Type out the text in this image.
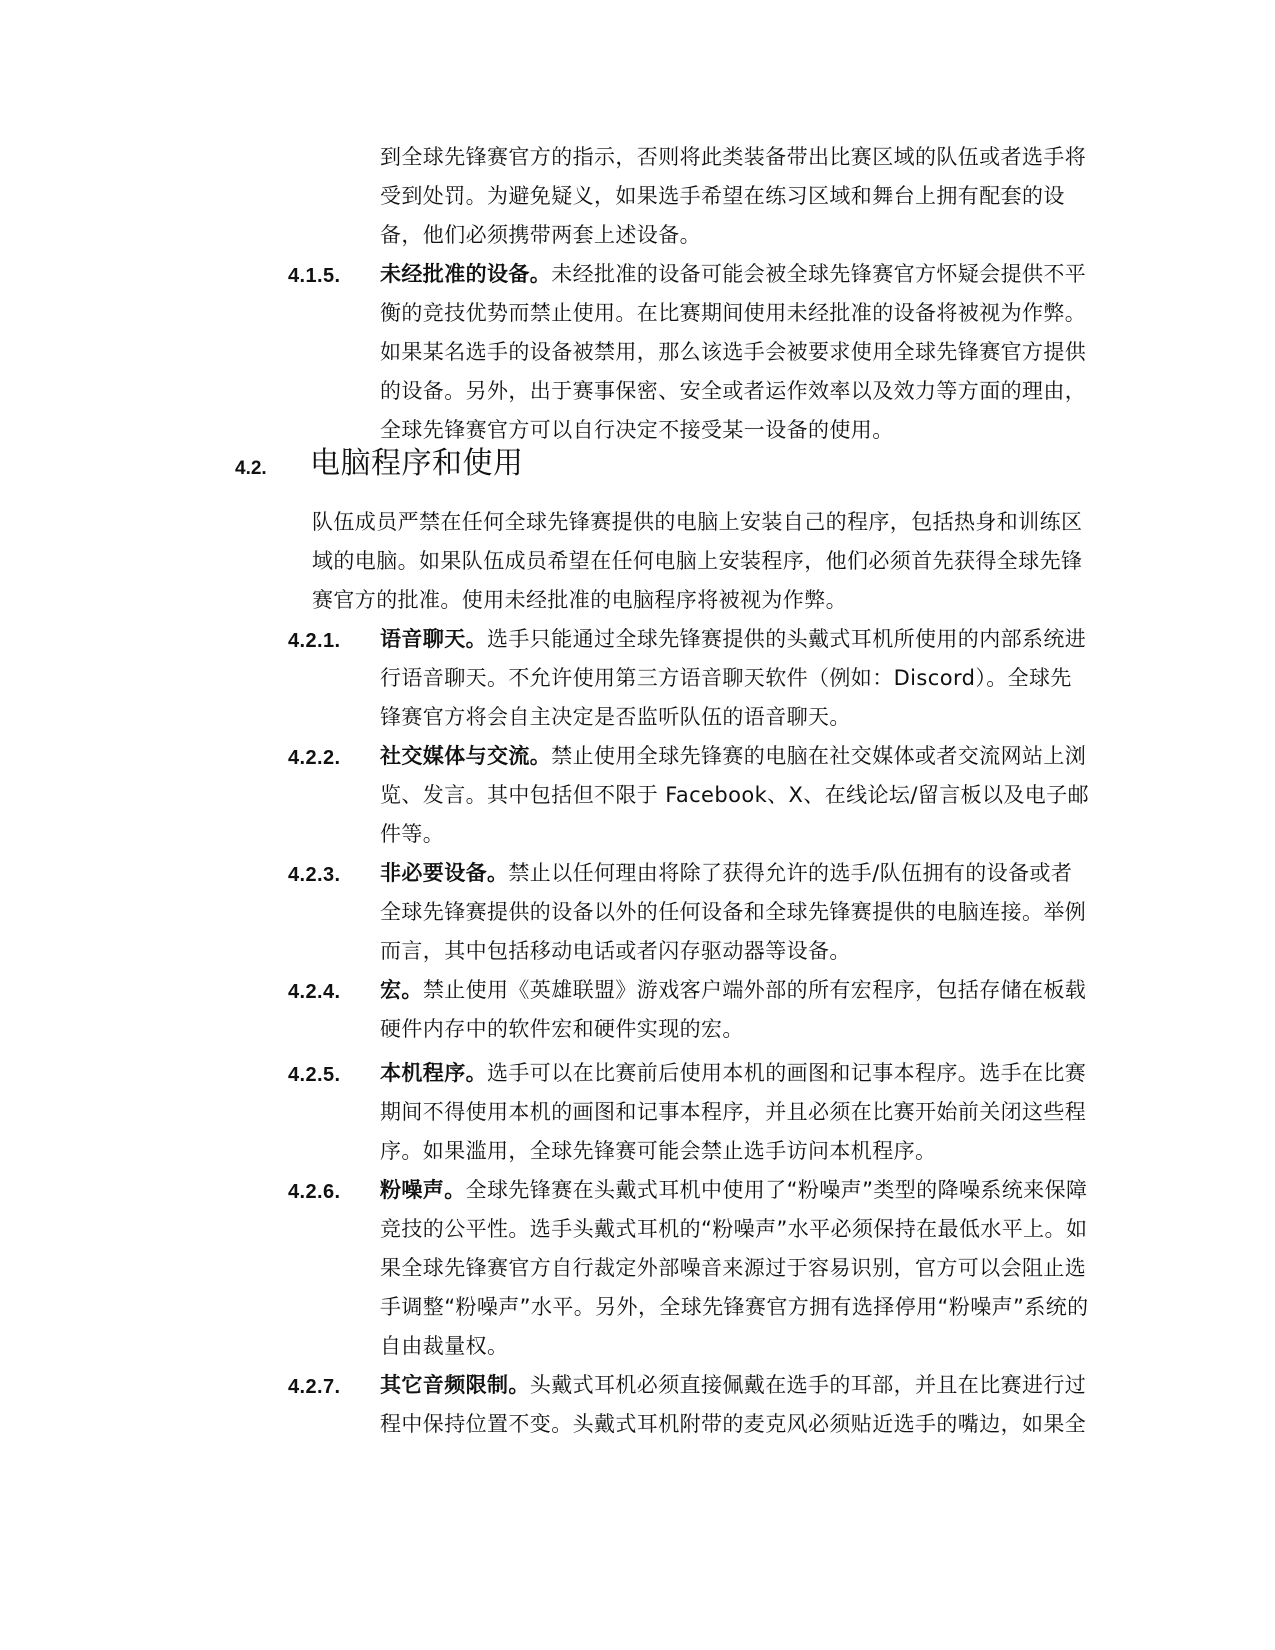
到全球先锋赛官方的指示，否则将此类装备带出比赛区域的队伍或者选手将
受到处罚。为避免疑义，如果选手希望在练习区域和舞台上拥有配套的设
备，他们必须携带两套上述设备。
4.1.5. 未经批准的设备。未经批准的设备可能会被全球先锋赛官方怀疑会提供不平
衡的竞技优势而禁止使用。在比赛期间使用未经批准的设备将被视为作弊。
如果某名选手的设备被禁用，那么该选手会被要求使用全球先锋赛官方提供
的设备。另外，出于赛事保密、安全或者运作效率以及效力等方面的理由，
全球先锋赛官方可以自行决定不接受某一设备的使用。
4.2. 电脑程序和使用
队伍成员严禁在任何全球先锋赛提供的电脑上安装自己的程序，包括热身和训练区
域的电脑。如果队伍成员希望在任何电脑上安装程序，他们必须首先获得全球先锋
赛官方的批准。使用未经批准的电脑程序将被视为作弊。
4.2.1. 语音聊天。选手只能通过全球先锋赛提供的头戴式耳机所使用的内部系统进
行语音聊天。不允许使用第三方语音聊天软件（例如：Discord）。全球先
锋赛官方将会自主决定是否监听队伍的语音聊天。
4.2.2. 社交媒体与交流。禁止使用全球先锋赛的电脑在社交媒体或者交流网站上浏
览、发言。其中包括但不限于 Facebook、X、在线论坛/留言板以及电子邮
件等。
4.2.3. 非必要设备。禁止以任何理由将除了获得允许的选手/队伍拥有的设备或者
全球先锋赛提供的设备以外的任何设备和全球先锋赛提供的电脑连接。举例
而言，其中包括移动电话或者闪存驱动器等设备。
4.2.4. 宏。禁止使用《英雄联盟》游戏客户端外部的所有宏程序，包括存储在板载
硬件内存中的软件宏和硬件实现的宏。
4.2.5. 本机程序。选手可以在比赛前后使用本机的画图和记事本程序。选手在比赛
期间不得使用本机的画图和记事本程序，并且必须在比赛开始前关闭这些程
序。如果滥用，全球先锋赛可能会禁止选手访问本机程序。
4.2.6. 粉噪声。全球先锋赛在头戴式耳机中使用了“粉噪声”类型的降噪系统来保障
竞技的公平性。选手头戴式耳机的“粉噪声”水平必须保持在最低水平上。如
果全球先锋赛官方自行裁定外部噪音来源过于容易识别，官方可以会阻止选
手调整“粉噪声”水平。另外，全球先锋赛官方拥有选择停用“粉噪声”系统的
自由裁量权。
4.2.7. 其它音频限制。头戴式耳机必须直接佩戴在选手的耳部，并且在比赛进行过
程中保持位置不变。头戴式耳机附带的麦克风必须贴近选手的嘴边，如果全
